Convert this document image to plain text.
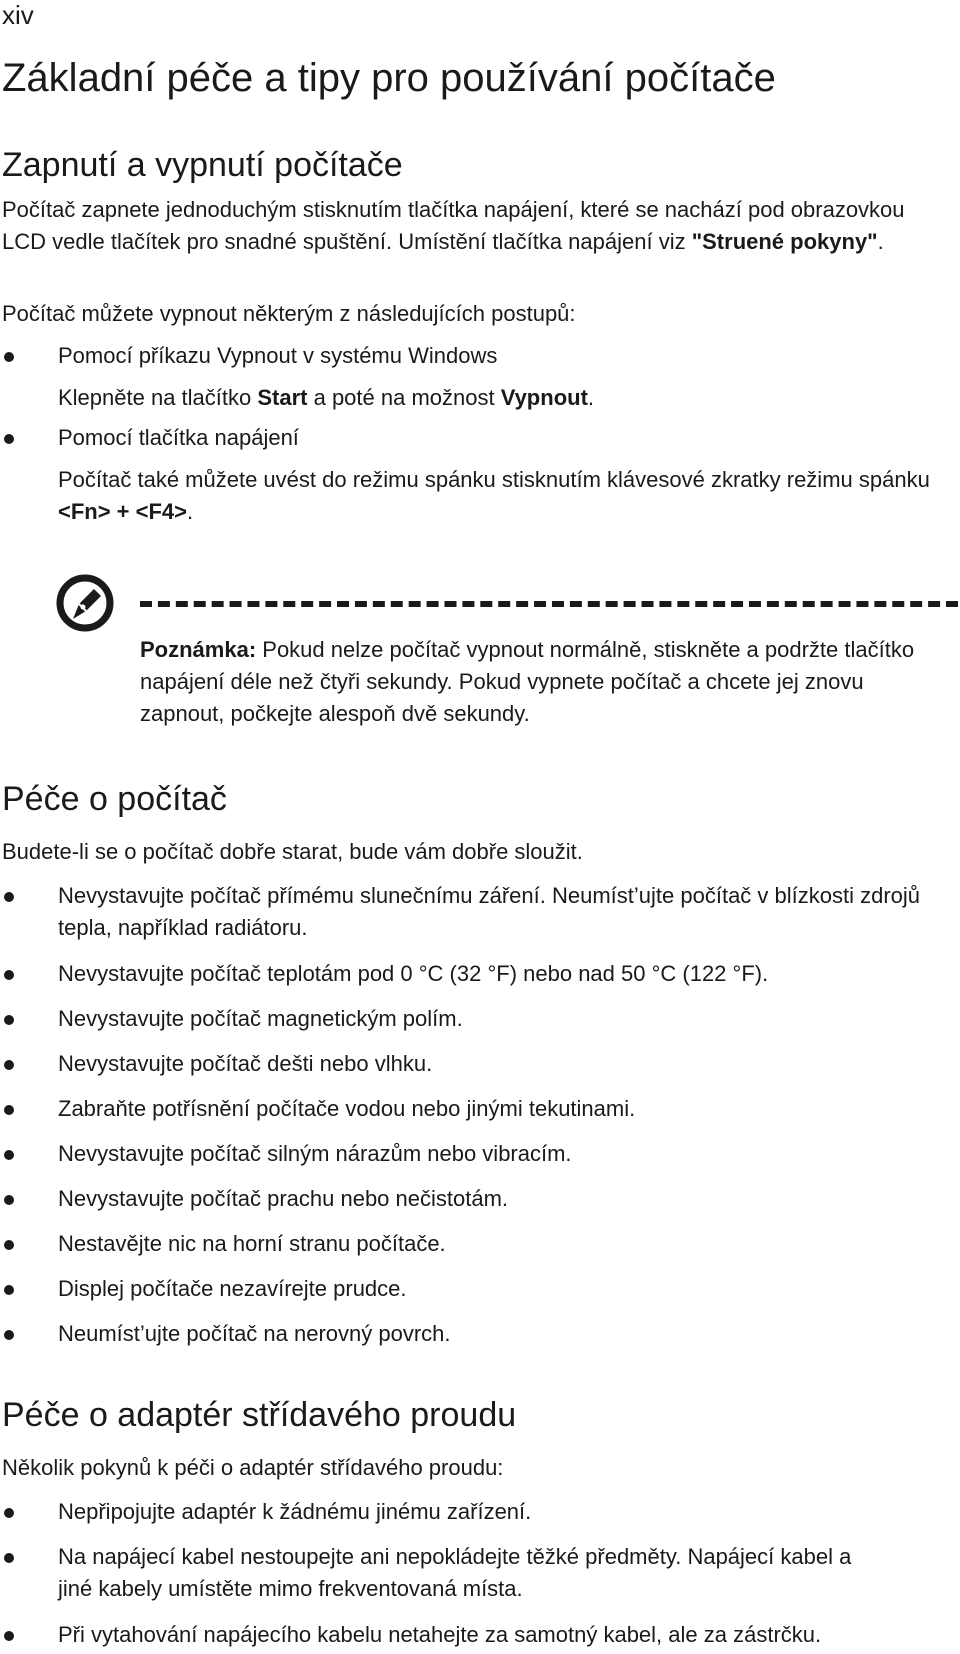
xiv
Základní péče a tipy pro používání počítače
Zapnutí a vypnutí počítače

Počítač zapnete jednoduchým stisknutím tlačítka napájení, které se nachází pod obrazovkou LCD vedle tlačítek pro snadné spuštění. Umístění tlačítka napájení viz "Struené pokyny".

Počítač můžete vypnout některým z následujících postupů:

Pomocí příkazu Vypnout v systému Windows
Klepněte na tlačítko Start a poté na možnost Vypnout.
Pomocí tlačítka napájení
Počítač také můžete uvést do režimu spánku stisknutím klávesové zkratky režimu spánku <Fn> + <F4>.
Poznámka: Pokud nelze počítač vypnout normálně, stiskněte a podržte tlačítko napájení déle než čtyři sekundy. Pokud vypnete počítač a chcete jej znovu zapnout, počkejte alespoň dvě sekundy.
Péče o počítač

Budete-li se o počítač dobře starat, bude vám dobře sloužit.

Nevystavujte počítač přímému slunečnímu záření. Neumíst’ujte počítač v blízkosti zdrojů tepla, například radiátoru.
Nevystavujte počítač teplotám pod 0 °C (32 °F) nebo nad 50 °C (122 °F).
Nevystavujte počítač magnetickým polím.
Nevystavujte počítač dešti nebo vlhku.
Zabraňte potřísnění počítače vodou nebo jinými tekutinami.
Nevystavujte počítač silným nárazům nebo vibracím.
Nevystavujte počítač prachu nebo nečistotám.
Nestavějte nic na horní stranu počítače.
Displej počítače nezavírejte prudce.
Neumíst’ujte počítač na nerovný povrch.
Péče o adaptér střídavého proudu

Několik pokynů k péči o adaptér střídavého proudu:

Nepřipojujte adaptér k žádnému jinému zařízení.
Na napájecí kabel nestoupejte ani nepokládejte těžké předměty. Napájecí kabel a jiné kabely umístěte mimo frekventovaná místa.
Při vytahování napájecího kabelu netahejte za samotný kabel, ale za zástrčku.
